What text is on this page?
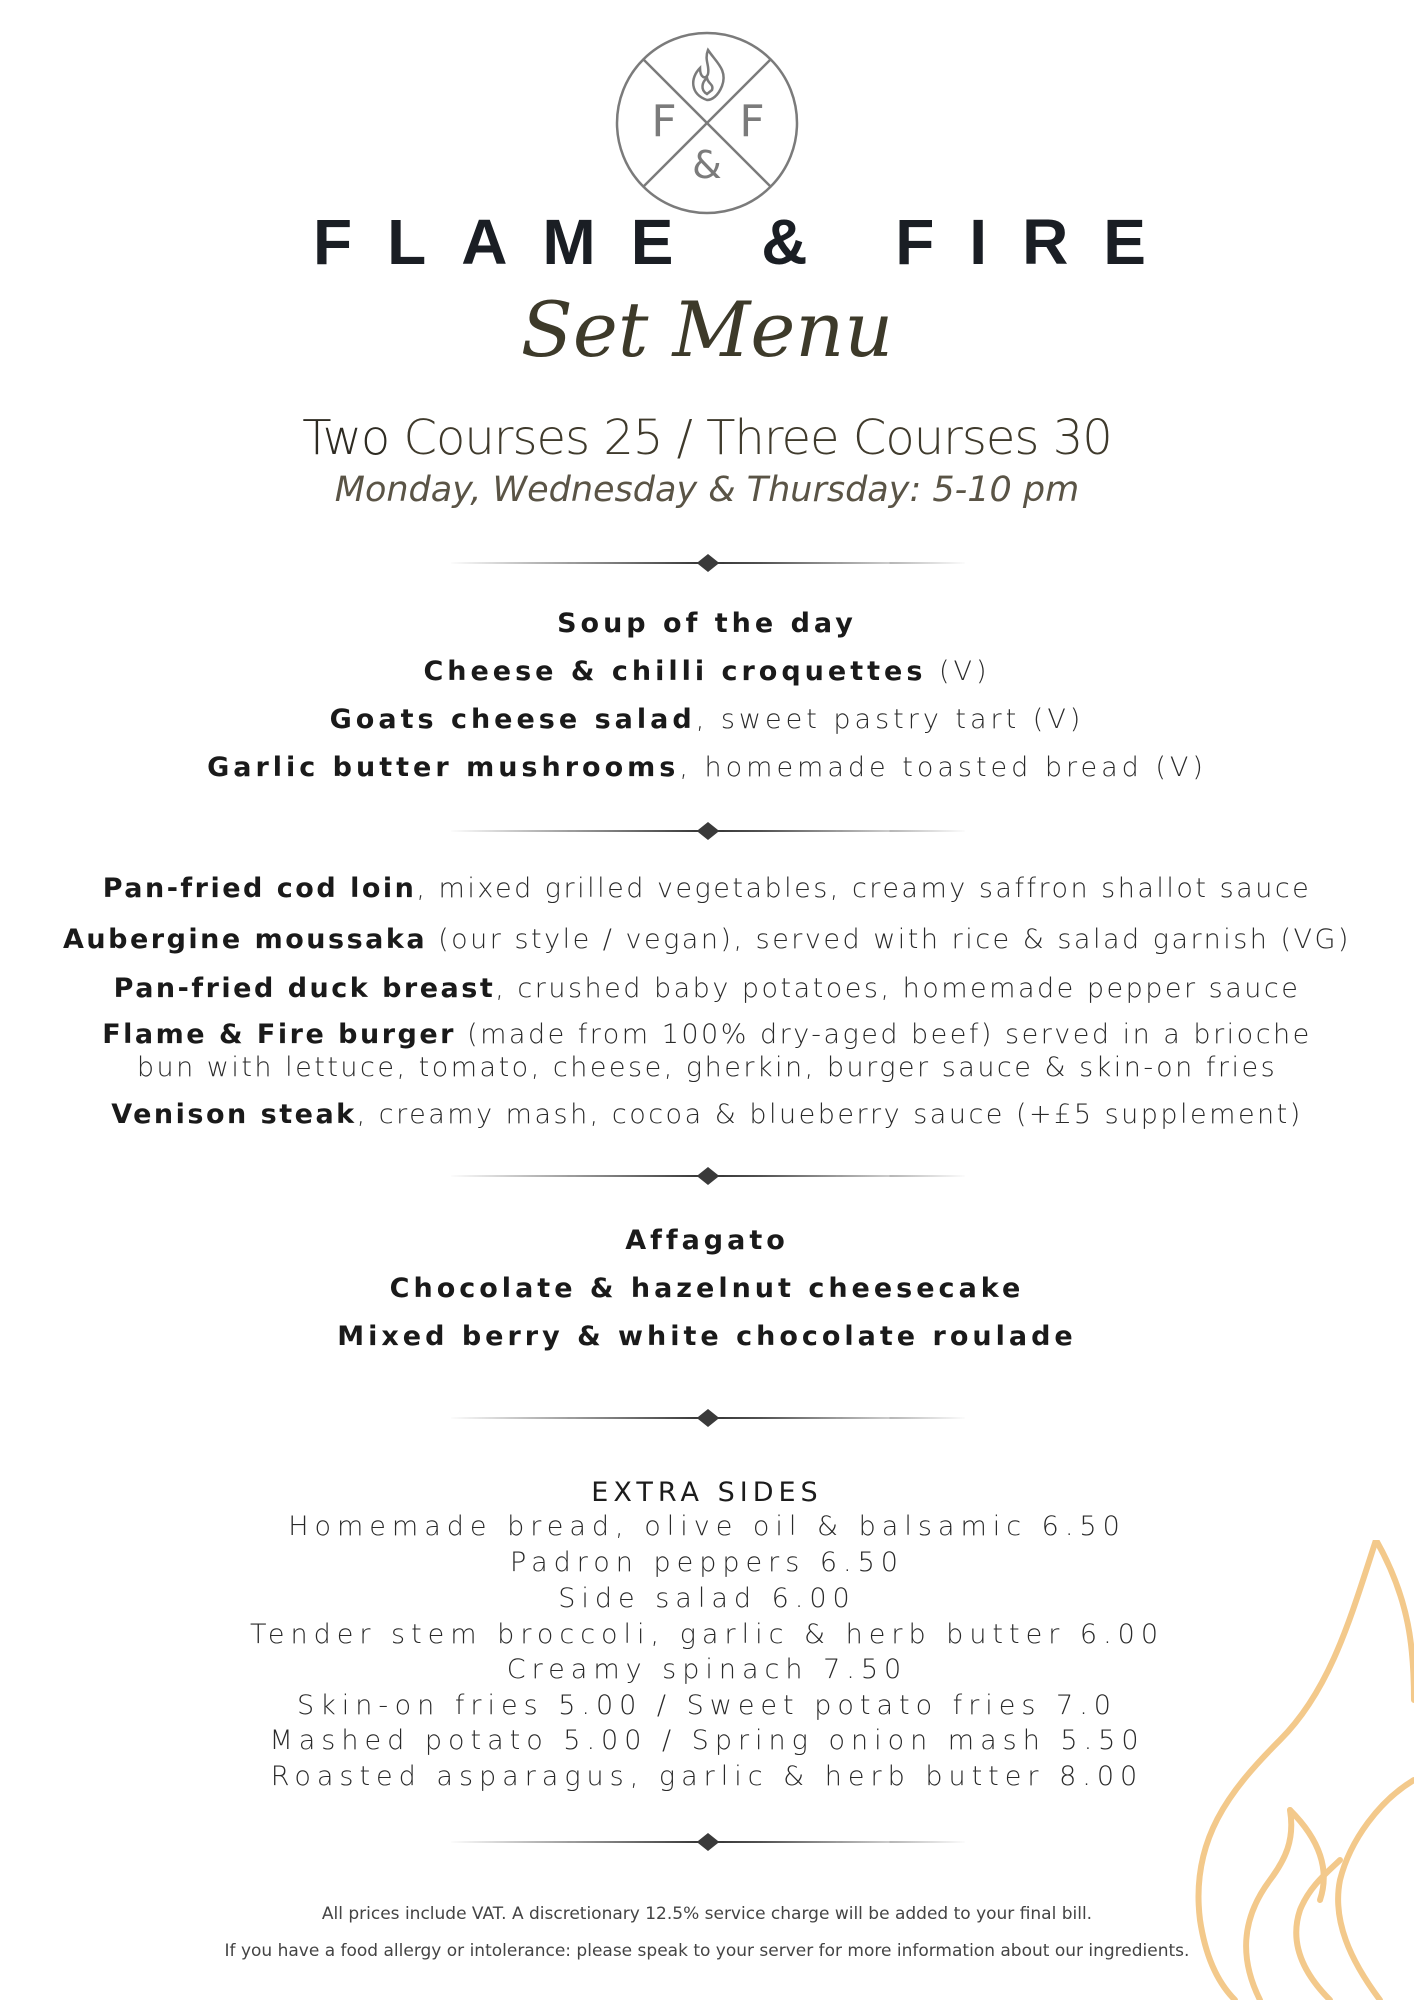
F F
&
FLAME & FIRE
Set Menu
Two Courses 25 / Three Courses 30
Monday, Wednesday & Thursday: 5-10 pm
Soup of the day
Cheese & chilli croquettes (V)
Goats cheese salad, sweet pastry tart (V)
Garlic butter mushrooms, homemade toasted bread (V)
Pan-fried cod loin, mixed grilled vegetables, creamy saffron shallot sauce
Aubergine moussaka (our style / vegan), served with rice & salad garnish (VG)
Pan-fried duck breast, crushed baby potatoes, homemade pepper sauce
Flame & Fire burger (made from 100% dry-aged beef) served in a brioche
bun with lettuce, tomato, cheese, gherkin, burger sauce & skin-on fries
Venison steak, creamy mash, cocoa & blueberry sauce (+£5 supplement)
Affagato
Chocolate & hazelnut cheesecake
Mixed berry & white chocolate roulade
EXTRA SIDES
Homemade bread, olive oil & balsamic 6.50
Padron peppers 6.50
Side salad 6.00
Tender stem broccoli, garlic & herb butter 6.00
Creamy spinach 7.50
Skin-on fries 5.00 / Sweet potato fries 7.0
Mashed potato 5.00 / Spring onion mash 5.50
Roasted asparagus, garlic & herb butter 8.00
All prices include VAT. A discretionary 12.5% service charge will be added to your final bill.
If you have a food allergy or intolerance: please speak to your server for more information about our ingredients.
